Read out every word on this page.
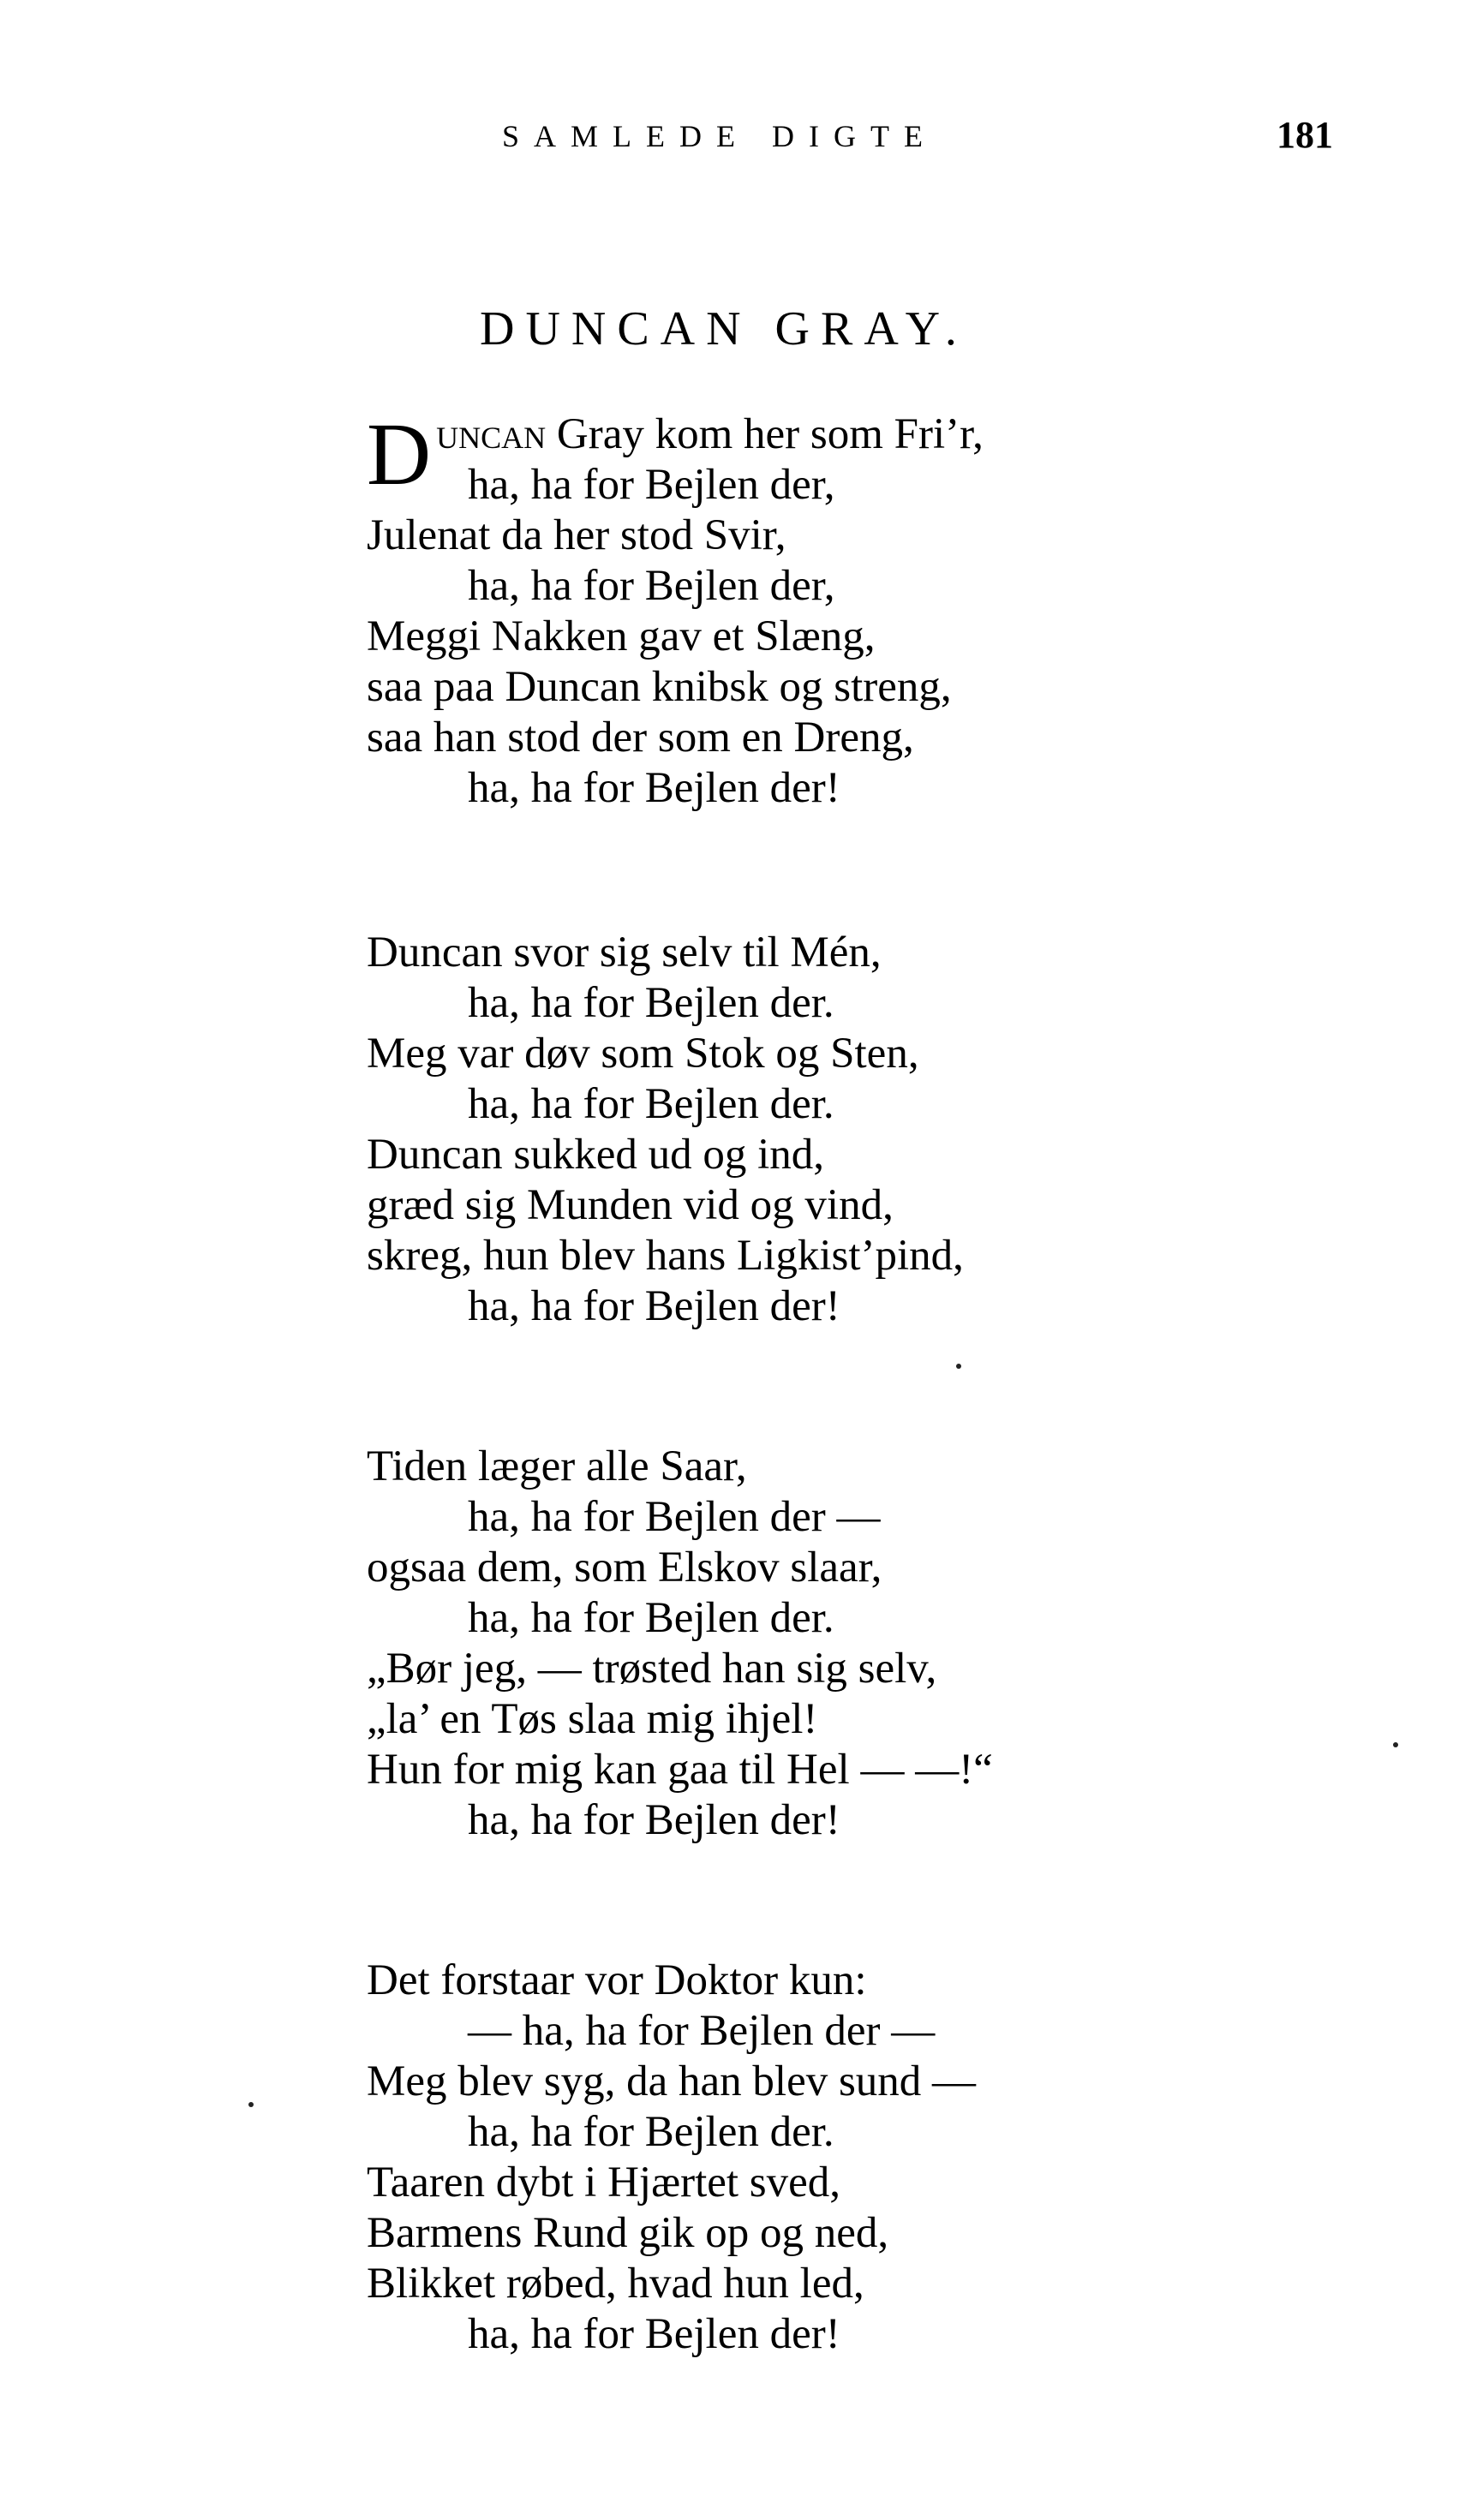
SAMLEDE DIGTE	181
DUNCAN GRAY.
Duncan Gray kom her som Fri’r,
ha, ha for Bejlen der,
Julenat da her stod Svir,
ha, ha for Bejlen der,
Meggi Nakken gav et Slæng,
saa paa Duncan knibsk og streng,
saa han stod der som en Dreng,
ha, ha for Bejlen der!
Duncan svor sig selv til Mén,
ha, ha for Bejlen der.
Meg var døv som Stok og Sten,
ha, ha for Bejlen der.
Duncan sukked ud og ind,
græd sig Munden vid og vind,
skreg, hun blev hans Ligkist’pind,
ha, ha for Bejlen der!
Tiden læger alle Saar,
ha, ha for Bejlen der —
ogsaa dem, som Elskov slaar,
ha, ha for Bejlen der.
„Bør jeg, — trøsted han sig selv,
„la’ en Tøs slaa mig ihjel!
Hun for mig kan gaa til Hel — —!“
ha, ha for Bejlen der!
Det forstaar vor Doktor kun:
— ha, ha for Bejlen der —
Meg blev syg, da han blev sund —
ha, ha for Bejlen der.
Taaren dybt i Hjærtet sved,
Barmens Rund gik op og ned,
Blikket røbed, hvad hun led,
ha, ha for Bejlen der!
